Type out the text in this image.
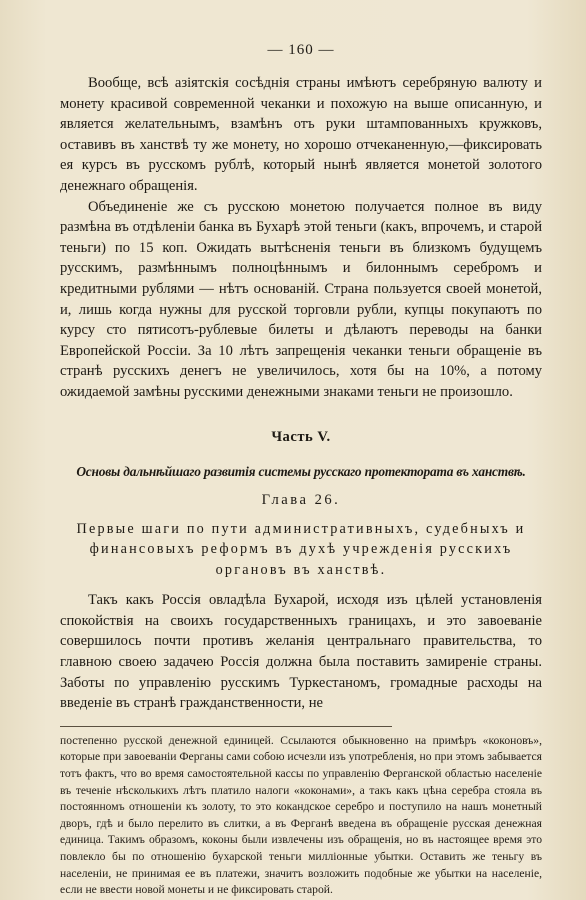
— 160 —

Вообще, всѣ азіятскія сосѣднія страны имѣютъ серебряную валюту и монету красивой современной чеканки и похожую на выше описанную, и является желательнымъ, взамѣнъ отъ руки штампованныхъ кружковъ, оставивъ въ ханствѣ ту же монету, но хорошо отчеканенную,—фиксировать ея курсъ въ русскомъ рублѣ, который нынѣ является монетой золотого денежнаго обращенія.

Объединеніе же съ русскою монетою получается полное въ виду размѣна въ отдѣленіи банка въ Бухарѣ этой теньги (какъ, впрочемъ, и старой теньги) по 15 коп. Ожидать вытѣсненія теньги въ близкомъ будущемъ русскимъ, размѣннымъ полноцѣннымъ и билоннымъ серебромъ и кредитными рублями — нѣтъ основаній. Страна пользуется своей монетой, и, лишь когда нужны для русской торговли рубли, купцы покупаютъ по курсу сто пятисотъ-рублевые билеты и дѣлаютъ переводы на банки Европейской Россіи. За 10 лѣтъ запрещенія чеканки теньги обращеніе въ странѣ русскихъ денегъ не увеличилось, хотя бы на 10%, а потому ожидаемой замѣны русскими денежными знаками теньги не произошло.

Часть V.
Основы дальнѣйшаго развитія системы русскаго протектората въ ханствѣ.
Глава 26.
Первые шаги по пути административныхъ, судебныхъ и финансовыхъ реформъ въ духѣ учрежденія русскихъ органовъ въ ханствѣ.

Такъ какъ Россія овладѣла Бухарой, исходя изъ цѣлей установленія спокойствія на своихъ государственныхъ границахъ, и это завоеваніе совершилось почти противъ желанія центральнаго правительства, то главною своею задачею Россія должна была поставить замиреніе страны. Заботы по управленію русскимъ Туркестаномъ, громадные расходы на введеніе въ странѣ гражданственности, не

постепенно русской денежной единицей. Ссылаются обыкновенно на примѣръ «коконовъ», которые при завоеваніи Ферганы сами собою исчезли изъ употребленія, но при этомъ забывается тотъ фактъ, что во время самостоятельной кассы по управленію Ферганской областью населеніе въ теченіе нѣсколькихъ лѣтъ платило налоги «коконами», а такъ какъ цѣна серебра стояла въ постоянномъ отношеніи къ золоту, то это кокандское серебро и поступило на нашъ монетный дворъ, гдѣ и было перелито въ слитки, а въ Ферганѣ введена въ обращеніе русская денежная единица. Такимъ образомъ, коконы были извлечены изъ обращенія, но въ настоящее время это повлекло бы по отношенію бухарской теньги милліонные убытки. Оставить же теньгу въ населеніи, не принимая ее въ платежи, значитъ возложить подобные же убытки на населеніе, если не ввести новой монеты и не фиксировать старой.
